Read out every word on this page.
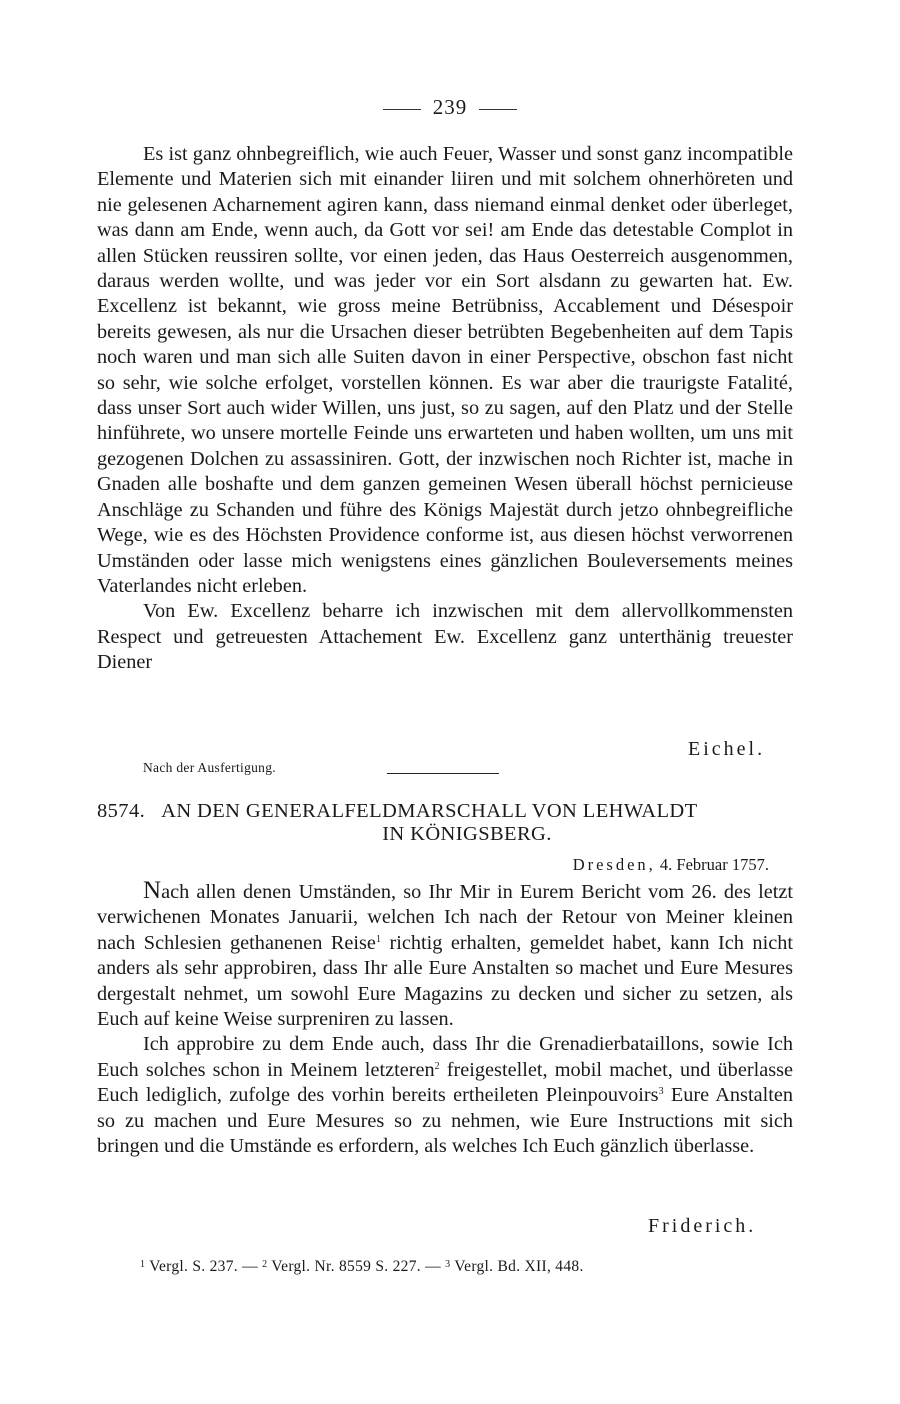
239

Es ist ganz ohnbegreiflich, wie auch Feuer, Wasser und sonst ganz incompatible Elemente und Materien sich mit einander liiren und mit solchem ohnerhöreten und nie gelesenen Acharnement agiren kann, dass niemand einmal denket oder überleget, was dann am Ende, wenn auch, da Gott vor sei! am Ende das detestable Complot in allen Stücken reussiren sollte, vor einen jeden, das Haus Oesterreich ausgenommen, daraus werden wollte, und was jeder vor ein Sort alsdann zu gewarten hat. Ew. Excellenz ist bekannt, wie gross meine Betrübniss, Accablement und Désespoir bereits gewesen, als nur die Ursachen dieser betrübten Begebenheiten auf dem Tapis noch waren und man sich alle Suiten davon in einer Perspective, obschon fast nicht so sehr, wie solche erfolget, vorstellen können. Es war aber die traurigste Fatalité, dass unser Sort auch wider Willen, uns just, so zu sagen, auf den Platz und der Stelle hinführete, wo unsere mortelle Feinde uns erwarteten und haben wollten, um uns mit gezogenen Dolchen zu assassiniren. Gott, der inzwischen noch Richter ist, mache in Gnaden alle boshafte und dem ganzen gemeinen Wesen überall höchst pernicieuse Anschläge zu Schanden und führe des Königs Majestät durch jetzo ohnbegreifliche Wege, wie es des Höchsten Providence conforme ist, aus diesen höchst verworrenen Umständen oder lasse mich wenigstens eines gänzlichen Bouleversements meines Vaterlandes nicht erleben.

Von Ew. Excellenz beharre ich inzwischen mit dem allervollkommensten Respect und getreuesten Attachement Ew. Excellenz ganz unterthänig treuester Diener

Eichel.
Nach der Ausfertigung.
8574. AN DEN GENERALFELDMARSCHALL VON LEHWALDT
IN KÖNIGSBERG.
Dresden, 4. Februar 1757.

Nach allen denen Umständen, so Ihr Mir in Eurem Bericht vom 26. des letzt verwichenen Monates Januarii, welchen Ich nach der Retour von Meiner kleinen nach Schlesien gethanenen Reise$^1$ richtig erhalten, gemeldet habet, kann Ich nicht anders als sehr approbiren, dass Ihr alle Eure Anstalten so machet und Eure Mesures dergestalt nehmet, um sowohl Eure Magazins zu decken und sicher zu setzen, als Euch auf keine Weise surpreniren zu lassen.

Ich approbire zu dem Ende auch, dass Ihr die Grenadierbataillons, sowie Ich Euch solches schon in Meinem letzteren$^2$ freigestellet, mobil machet, und überlasse Euch lediglich, zufolge des vorhin bereits ertheileten Pleinpouvoirs$^3$ Eure Anstalten so zu machen und Eure Mesures so zu nehmen, wie Eure Instructions mit sich bringen und die Umstände es erfordern, als welches Ich Euch gänzlich überlasse.

Friderich.
$^1$ Vergl. S. 237. — $^2$ Vergl. Nr. 8559 S. 227. — $^3$ Vergl. Bd. XII, 448.
